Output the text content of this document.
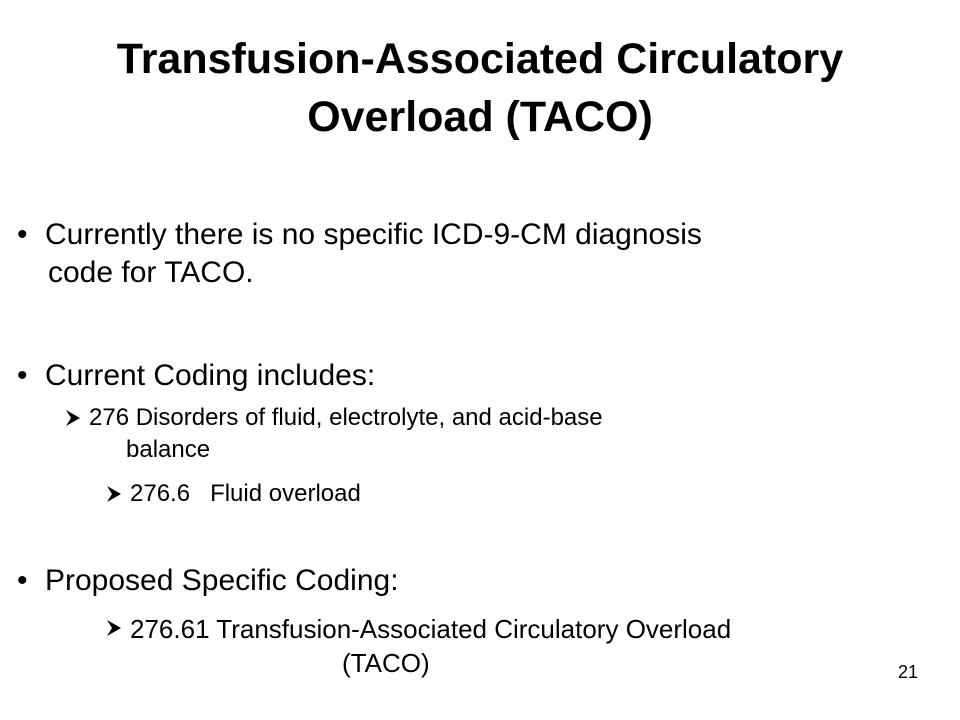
Transfusion-Associated Circulatory
Overload (TACO)
• Currently there is no specific ICD-9-CM diagnosis
code for TACO.
• Current Coding includes:
276 Disorders of fluid, electrolyte, and acid-base
balance
276.6   Fluid overload
• Proposed Specific Coding:
276.61 Transfusion-Associated Circulatory Overload
(TACO)	21
